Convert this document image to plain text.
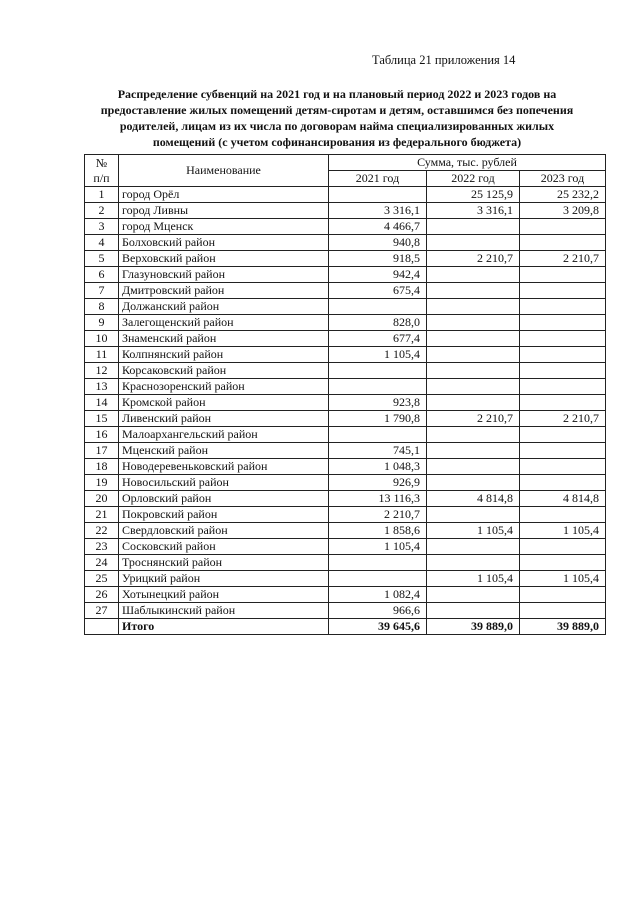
Таблица 21 приложения 14
Распределение субвенций на 2021 год и на плановый период 2022 и 2023 годов на
предоставление жилых помещений детям-сиротам и детям, оставшимся без попечения
родителей, лицам из их числа по договорам найма специализированных жилых
помещений (с учетом софинансирования из федерального бюджета)
№
п/п	Наименование	Сумма, тыс. рублей		
		2021 год	2022 год	2023 год
1	город Орёл		25 125,9	25 232,2
2	город Ливны	3 316,1	3 316,1	3 209,8
3	город Мценск	4 466,7		
4	Болховский район	940,8		
5	Верховский район	918,5	2 210,7	2 210,7
6	Глазуновский район	942,4		
7	Дмитровский район	675,4		
8	Должанский район			
9	Залегощенский район	828,0		
10	Знаменский район	677,4		
11	Колпнянский район	1 105,4		
12	Корсаковский район			
13	Краснозоренский район			
14	Кромской район	923,8		
15	Ливенский район	1 790,8	2 210,7	2 210,7
16	Малоархангельский район			
17	Мценский район	745,1		
18	Новодеревеньковский район	1 048,3		
19	Новосильский район	926,9		
20	Орловский район	13 116,3	4 814,8	4 814,8
21	Покровский район	2 210,7		
22	Свердловский район	1 858,6	1 105,4	1 105,4
23	Сосковский район	1 105,4		
24	Троснянский район			
25	Урицкий район		1 105,4	1 105,4
26	Хотынецкий район	1 082,4		
27	Шаблыкинский район	966,6		
	Итого	39 645,6	39 889,0	39 889,0
